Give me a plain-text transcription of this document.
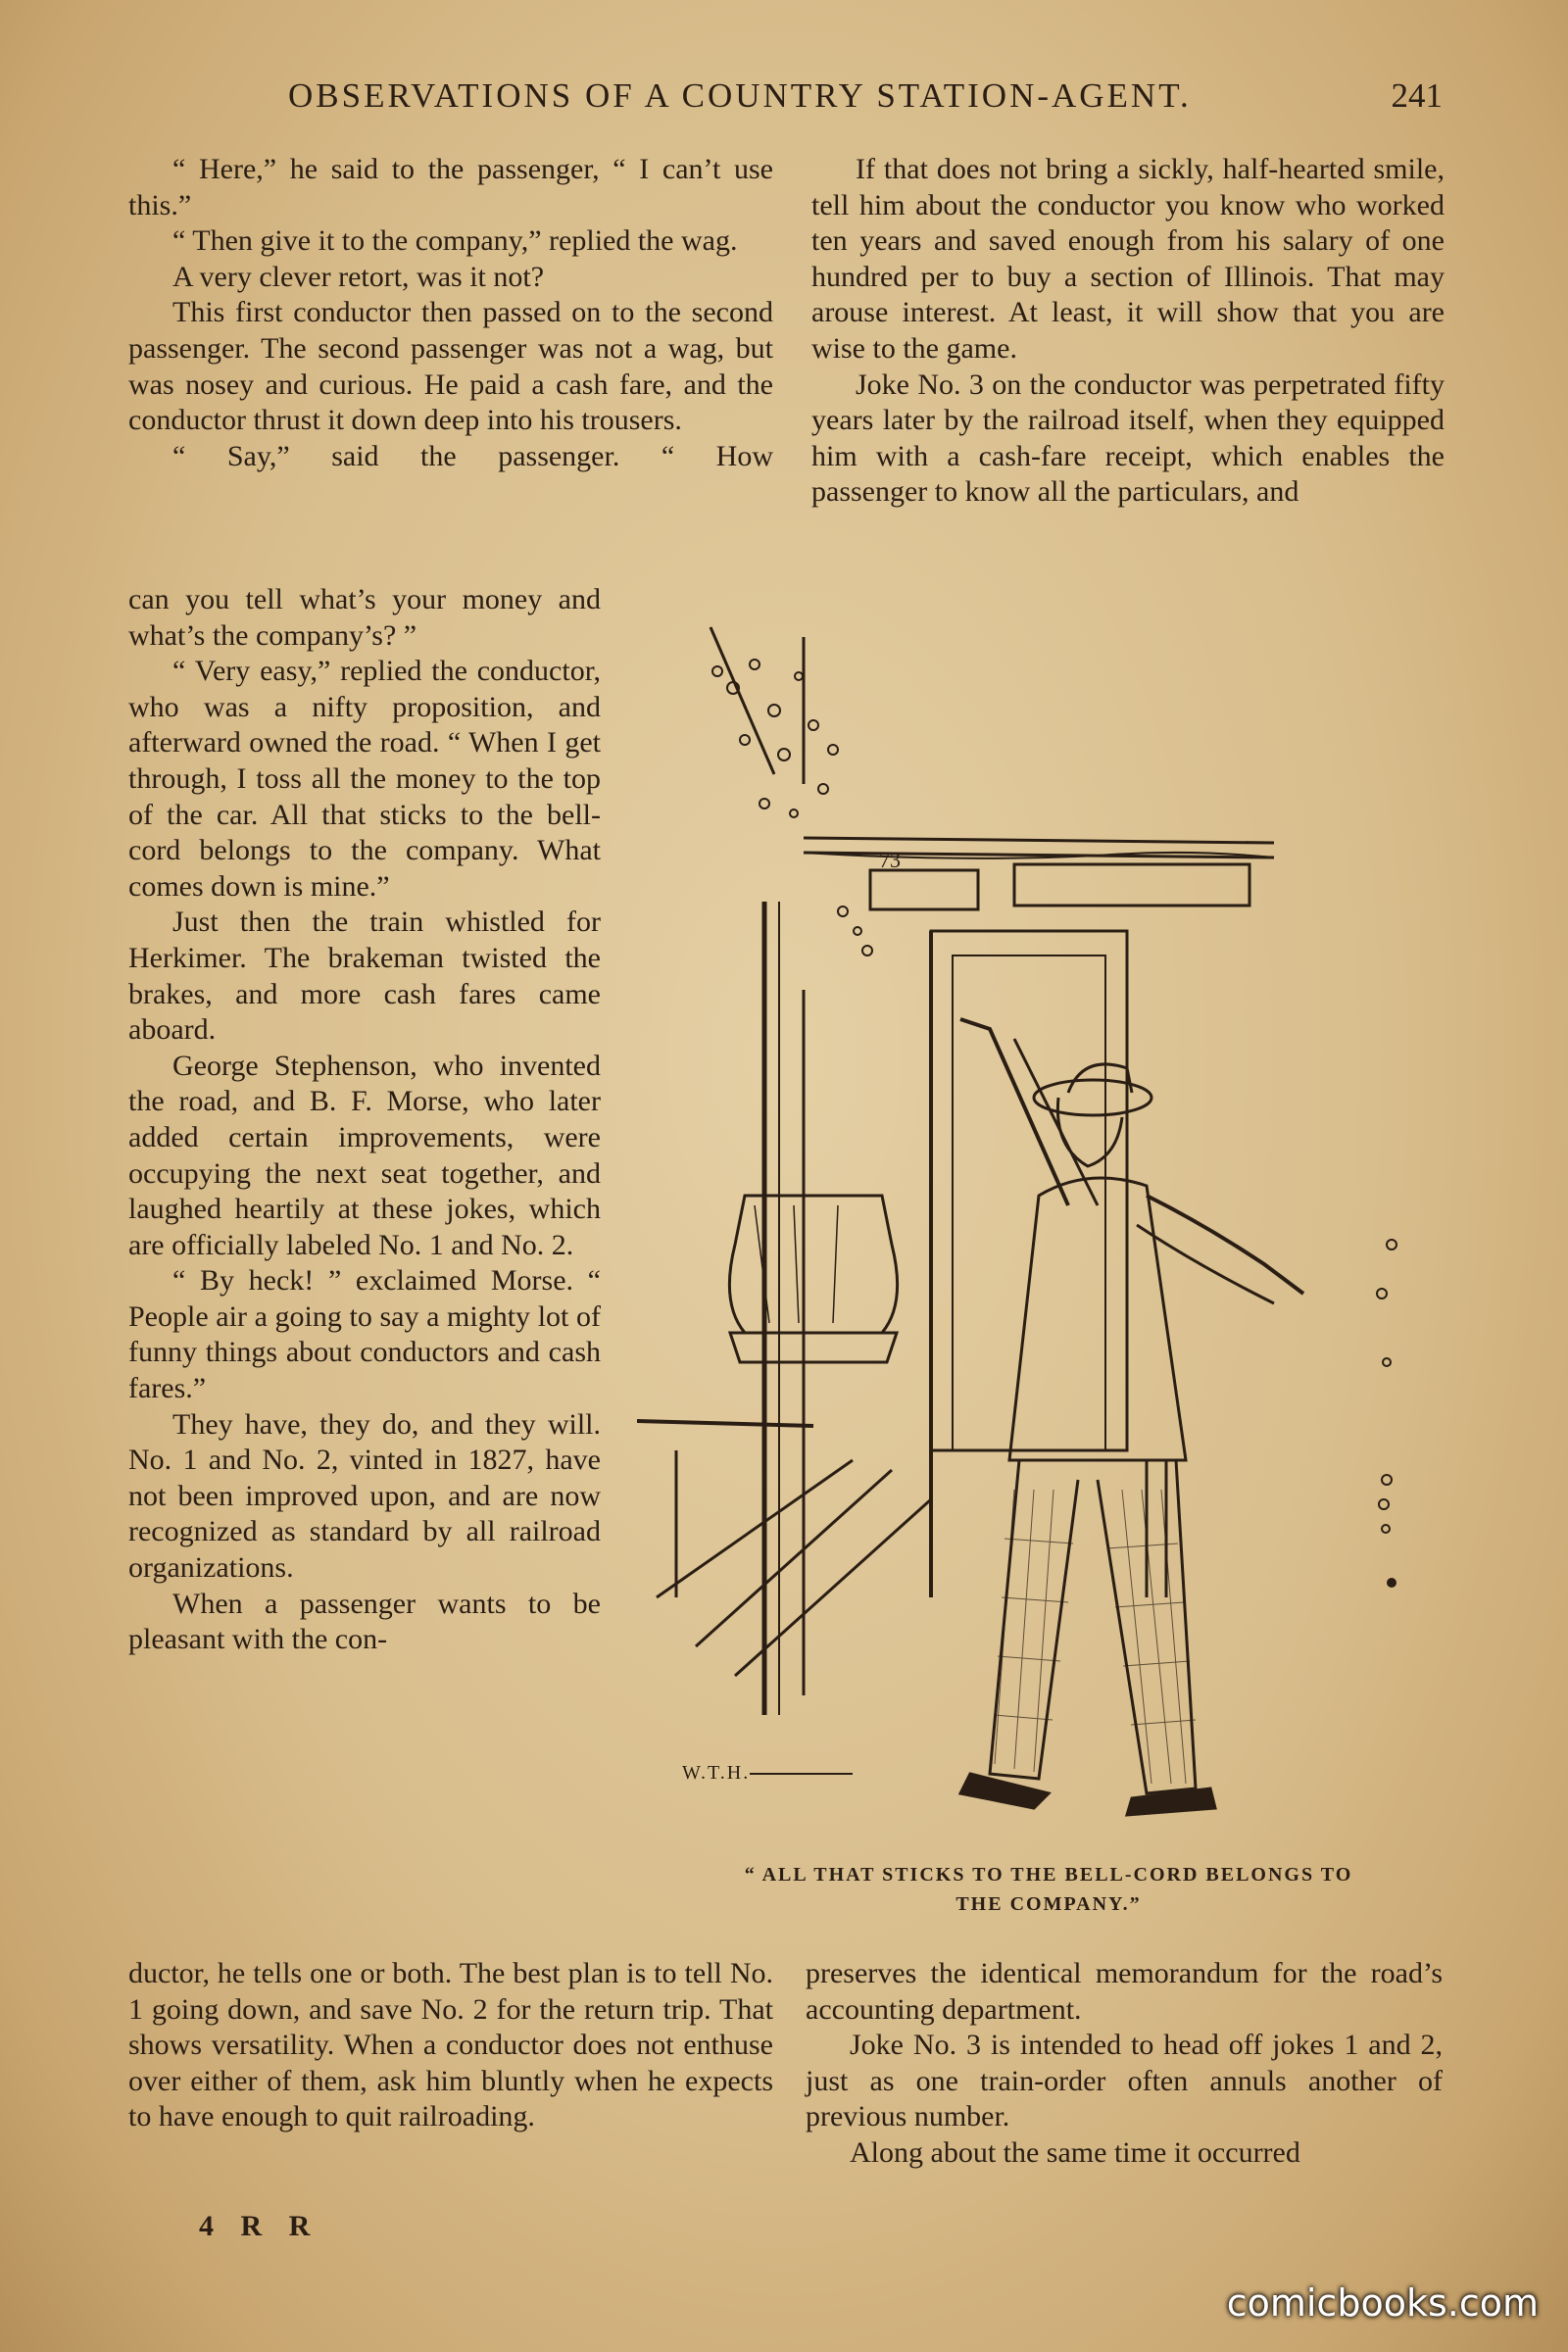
OBSERVATIONS OF A COUNTRY STATION-AGENT.	241

“ Here,” he said to the passenger, “ I can’t use this.”

“ Then give it to the company,” replied the wag.

A very clever retort, was it not?

This first conductor then passed on to the second passenger. The second passenger was not a wag, but was nosey and curious. He paid a cash fare, and the conductor thrust it down deep into his trousers.

“ Say,” said the passenger. “ How

can you tell what’s your money and what’s the company’s? ”

“ Very easy,” replied the conductor, who was a nifty proposition, and afterward owned the road. “ When I get through, I toss all the money to the top of the car. All that sticks to the bell-cord belongs to the company. What comes down is mine.”

Just then the train whistled for Herkimer. The brakeman twisted the brakes, and more cash fares came aboard.

George Stephenson, who invented the road, and B. F. Morse, who later added certain improvements, were occupying the next seat together, and laughed heartily at these jokes, which are officially labeled No. 1 and No. 2.

“ By heck! ” exclaimed Morse. “ People air a going to say a mighty lot of funny things about conductors and cash fares.”

They have, they do, and they will. No. 1 and No. 2, vinted in 1827, have not been improved upon, and are now recognized as standard by all railroad organizations.

When a passenger wants to be pleasant with the con-

ductor, he tells one or both. The best plan is to tell No. 1 going down, and save No. 2 for the return trip. That shows versatility. When a conductor does not enthuse over either of them, ask him bluntly when he expects to have enough to quit railroading.

If that does not bring a sickly, half-hearted smile, tell him about the conductor you know who worked ten years and saved enough from his salary of one hundred per to buy a section of Illinois. That may arouse interest. At least, it will show that you are wise to the game.

Joke No. 3 on the conductor was perpetrated fifty years later by the railroad itself, when they equipped him with a cash-fare receipt, which enables the passenger to know all the particulars, and

73
W.T.H.
“ ALL THAT STICKS TO THE BELL-CORD BELONGS TO
THE COMPANY.”

preserves the identical memorandum for the road’s accounting department.

Joke No. 3 is intended to head off jokes 1 and 2, just as one train-order often annuls another of previous number.

Along about the same time it occurred

4 R R
comicbooks.com
